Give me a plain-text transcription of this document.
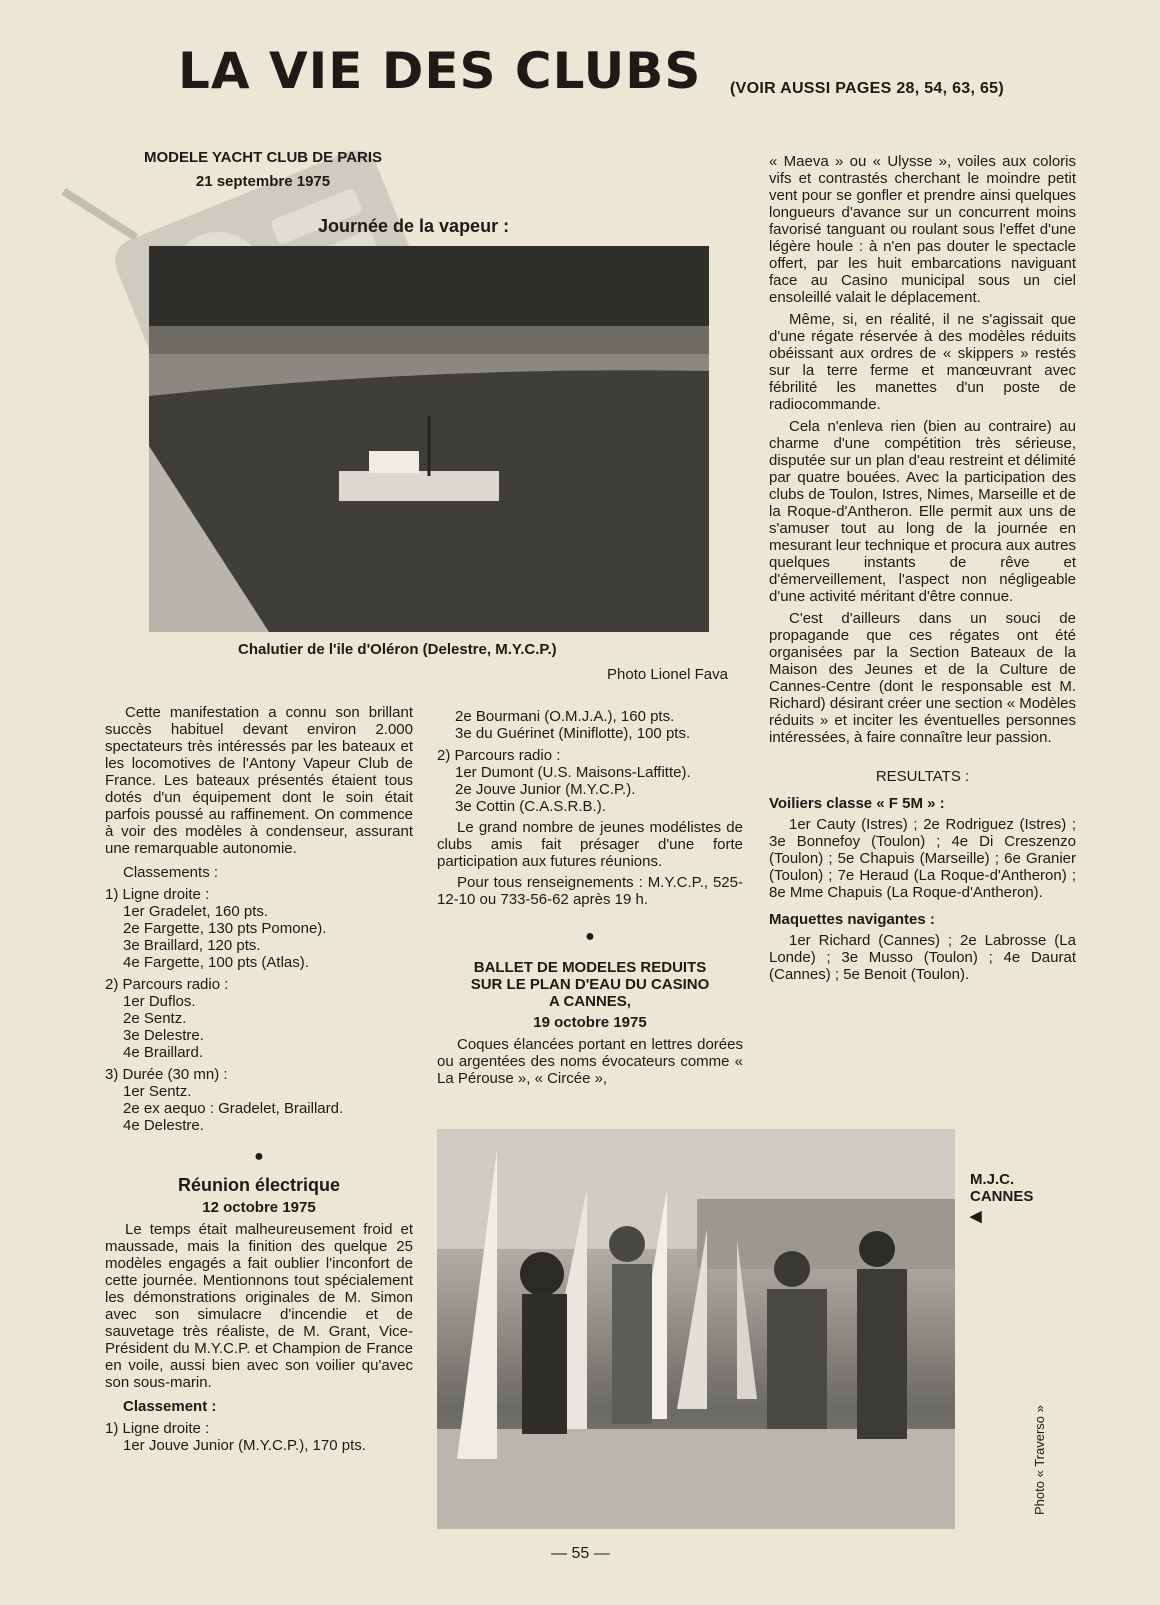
LA VIE DES CLUBS (VOIR AUSSI PAGES 28, 54, 63, 65)
MODELE YACHT CLUB DE PARIS
21 septembre 1975
Journée de la vapeur :
Chalutier de l'ile d'Oléron (Delestre, M.Y.C.P.)
Photo Lionel Fava

Cette manifestation a connu son brillant succès habituel devant environ 2.000 spectateurs très intéressés par les bateaux et les locomotives de l'Antony Vapeur Club de France. Les bateaux présentés étaient tous dotés d'un équipement dont le soin était parfois poussé au raffinement. On commence à voir des modèles à condenseur, assurant une remarquable autonomie.

Classements :

1) Ligne droite :

1er Gradelet, 160 pts.
2e Fargette, 130 pts Pomone).
3e Braillard, 120 pts.
4e Fargette, 100 pts (Atlas).

2) Parcours radio :

1er Duflos.
2e Sentz.
3e Delestre.
4e Braillard.

3) Durée (30 mn) :

1er Sentz.
2e ex aequo : Gradelet, Braillard.
4e Delestre.

●

Réunion électrique

12 octobre 1975

Le temps était malheureusement froid et maussade, mais la finition des quelque 25 modèles engagés a fait oublier l'inconfort de cette journée. Mentionnons tout spécialement les démonstrations originales de M. Simon avec son simulacre d'incendie et de sauvetage très réaliste, de M. Grant, Vice-Président du M.Y.C.P. et Champion de France en voile, aussi bien avec son voilier qu'avec son sous-marin.

Classement :

1) Ligne droite :

1er Jouve Junior (M.Y.C.P.), 170 pts.

2e Bourmani (O.M.J.A.), 160 pts.
3e du Guérinet (Miniflotte), 100 pts.

2) Parcours radio :

1er Dumont (U.S. Maisons-Laffitte).
2e Jouve Junior (M.Y.C.P.).
3e Cottin (C.A.S.R.B.).

Le grand nombre de jeunes modélistes de clubs amis fait présager d'une forte participation aux futures réunions.

Pour tous renseignements : M.Y.C.P., 525-12-10 ou 733-56-62 après 19 h.

●

BALLET DE MODELES REDUITS

SUR LE PLAN D'EAU DU CASINO

A CANNES,

19 octobre 1975

Coques élancées portant en lettres dorées ou argentées des noms évocateurs comme « La Pérouse », « Circée »,

« Maeva » ou « Ulysse », voiles aux coloris vifs et contrastés cherchant le moindre petit vent pour se gonfler et prendre ainsi quelques longueurs d'avance sur un concurrent moins favorisé tanguant ou roulant sous l'effet d'une légère houle : à n'en pas douter le spectacle offert, par les huit embarcations naviguant face au Casino municipal sous un ciel ensoleillé valait le déplacement.

Même, si, en réalité, il ne s'agissait que d'une régate réservée à des modèles réduits obéissant aux ordres de « skippers » restés sur la terre ferme et manœuvrant avec fébrilité les manettes d'un poste de radiocommande.

Cela n'enleva rien (bien au contraire) au charme d'une compétition très sérieuse, disputée sur un plan d'eau restreint et délimité par quatre bouées. Avec la participation des clubs de Toulon, Istres, Nimes, Marseille et de la Roque-d'Antheron. Elle permit aux uns de s'amuser tout au long de la journée en mesurant leur technique et procura aux autres quelques instants de rêve et d'émerveillement, l'aspect non négligeable d'une activité méritant d'être connue.

C'est d'ailleurs dans un souci de propagande que ces régates ont été organisées par la Section Bateaux de la Maison des Jeunes et de la Culture de Cannes-Centre (dont le responsable est M. Richard) désirant créer une section « Modèles réduits » et inciter les éventuelles personnes intéressées, à faire connaître leur passion.

RESULTATS :

Voiliers classe « F 5M » :

1er Cauty (Istres) ; 2e Rodriguez (Istres) ; 3e Bonnefoy (Toulon) ; 4e Di Creszenzo (Toulon) ; 5e Chapuis (Marseille) ; 6e Granier (Toulon) ; 7e Heraud (La Roque-d'Antheron) ; 8e Mme Chapuis (La Roque-d'Antheron).

Maquettes navigantes :

1er Richard (Cannes) ; 2e Labrosse (La Londe) ; 3e Musso (Toulon) ; 4e Daurat (Cannes) ; 5e Benoit (Toulon).

M.J.C.
CANNES
◀
Photo « Traverso »
— 55 —
